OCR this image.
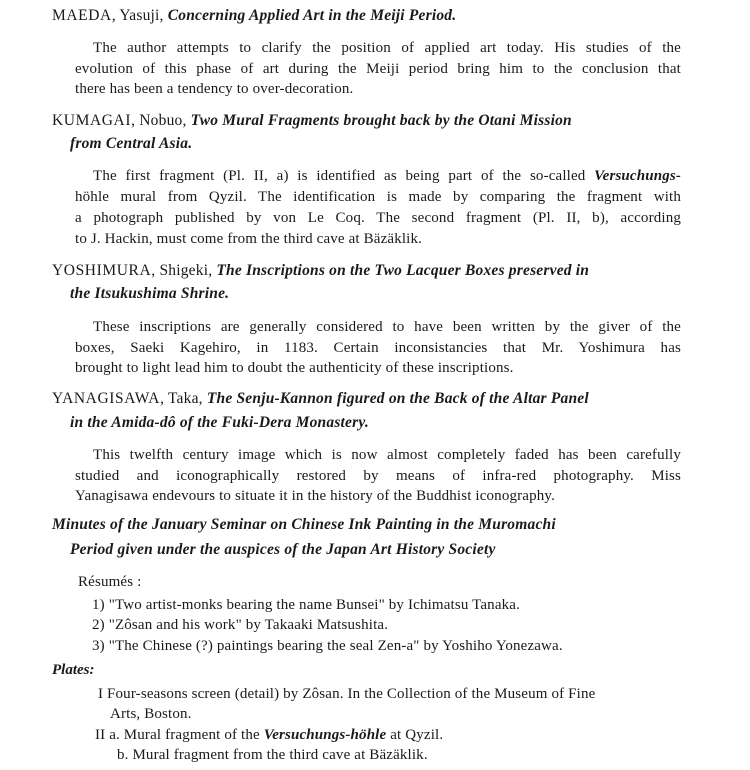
MAEDA, Yasuji, Concerning Applied Art in the Meiji Period.
The author attempts to clarify the position of applied art today. His studies of the
evolution of this phase of art during the Meiji period bring him to the conclusion that
there has been a tendency to over-decoration.
KUMAGAI, Nobuo, Two Mural Fragments brought back by the Otani Mission
from Central Asia.
The first fragment (Pl. II, a) is identified as being part of the so-called Versuchungs-
höhle mural from Qyzil. The identification is made by comparing the fragment with
a photograph published by von Le Coq. The second fragment (Pl. II, b), according
to J. Hackin, must come from the third cave at Bäzäklik.
YOSHIMURA, Shigeki, The Inscriptions on the Two Lacquer Boxes preserved in
the Itsukushima Shrine.
These inscriptions are generally considered to have been written by the giver of the
boxes, Saeki Kagehiro, in 1183. Certain inconsistancies that Mr. Yoshimura has
brought to light lead him to doubt the authenticity of these inscriptions.
YANAGISAWA, Taka, The Senju-Kannon figured on the Back of the Altar Panel
in the Amida-dô of the Fuki-Dera Monastery.
This twelfth century image which is now almost completely faded has been carefully
studied and iconographically restored by means of infra-red photography. Miss
Yanagisawa endevours to situate it in the history of the Buddhist iconography.
Minutes of the January Seminar on Chinese Ink Painting in the Muromachi
Period given under the auspices of the Japan Art History Society
Résumés :
1) "Two artist-monks bearing the name Bunsei" by Ichimatsu Tanaka.
2) "Zôsan and his work" by Takaaki Matsushita.
3) "The Chinese (?) paintings bearing the seal Zen-a" by Yoshiho Yonezawa.
Plates:
I Four-seasons screen (detail) by Zôsan. In the Collection of the Museum of Fine
Arts, Boston.
II a. Mural fragment of the Versuchungs-höhle at Qyzil.
b. Mural fragment from the third cave at Bäzäklik.
